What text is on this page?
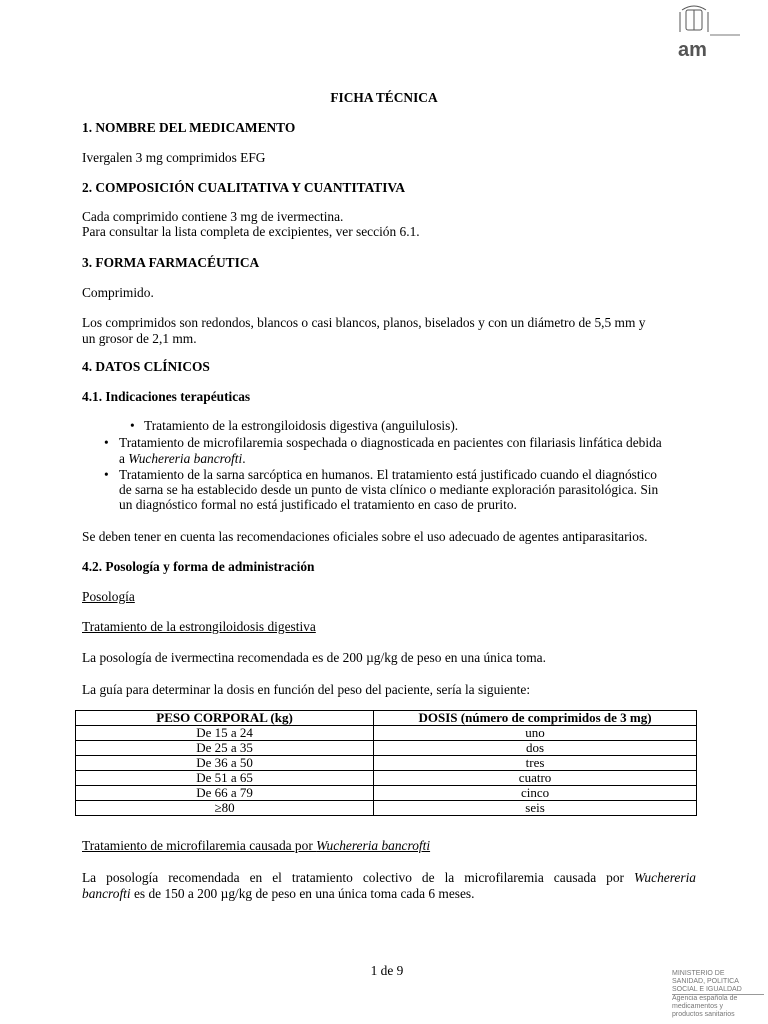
am
FICHA TÉCNICA
1. NOMBRE DEL MEDICAMENTO
Ivergalen 3 mg comprimidos EFG
2. COMPOSICIÓN CUALITATIVA Y CUANTITATIVA
Cada comprimido contiene 3 mg de ivermectina.
Para consultar la lista completa de excipientes, ver sección 6.1.
3. FORMA FARMACÉUTICA
Comprimido.
Los comprimidos son redondos, blancos o casi blancos, planos, biselados y con un diámetro de 5,5 mm y
un grosor de 2,1 mm.
4. DATOS CLÍNICOS
4.1. Indicaciones terapéuticas
• Tratamiento de la estrongiloidosis digestiva (anguilulosis).
• Tratamiento de microfilaremia sospechada o diagnosticada en pacientes con filariasis linfática debida
a Wuchereria bancrofti.
• Tratamiento de la sarna sarcóptica en humanos. El tratamiento está justificado cuando el diagnóstico
de sarna se ha establecido desde un punto de vista clínico o mediante exploración parasitológica. Sin
un diagnóstico formal no está justificado el tratamiento en caso de prurito.
Se deben tener en cuenta las recomendaciones oficiales sobre el uso adecuado de agentes antiparasitarios.
4.2. Posología y forma de administración
Posología
Tratamiento de la estrongiloidosis digestiva
La posología de ivermectina recomendada es de 200 µg/kg de peso en una única toma.
La guía para determinar la dosis en función del peso del paciente, sería la siguiente:
PESO CORPORAL (kg)	DOSIS (número de comprimidos de 3 mg)
De 15 a 24	uno
De 25 a 35	dos
De 36 a 50	tres
De 51 a 65	cuatro
De 66 a 79	cinco
≥80	seis
Tratamiento de microfilaremia causada por Wuchereria bancrofti
La posología recomendada en el tratamiento colectivo de la microfilaremia causada por Wuchereria
bancrofti es de 150 a 200 µg/kg de peso en una única toma cada 6 meses.
1 de 9	MINISTERIO DE
SANIDAD, POLITICA
SOCIAL E IGUALDAD
Agencia española de
medicamentos y
productos sanitarios
